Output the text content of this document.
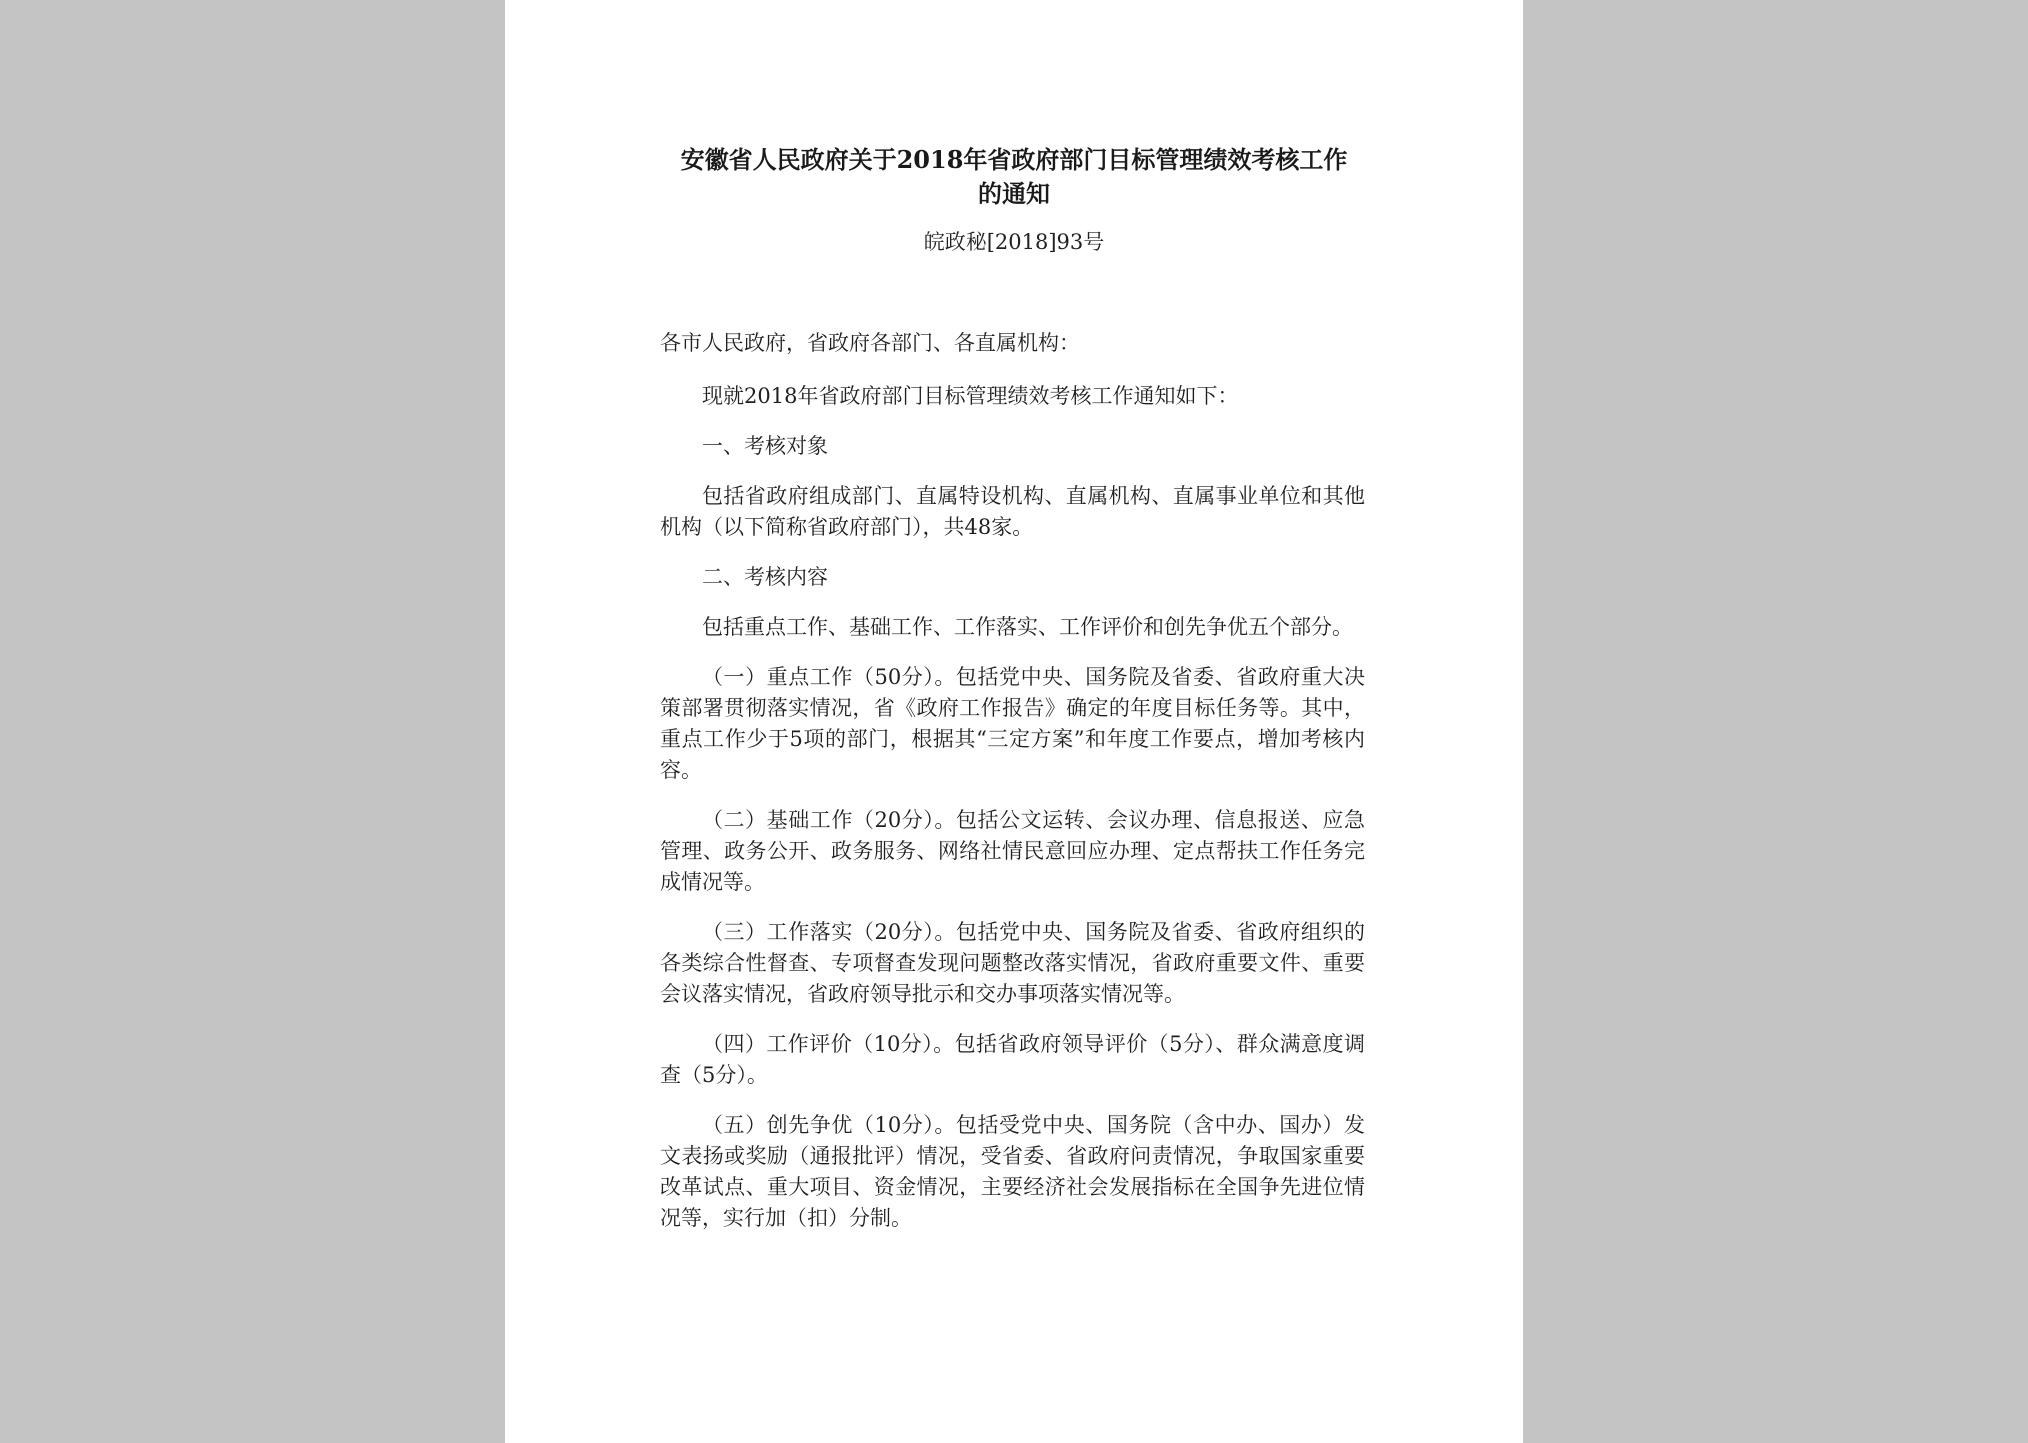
安徽省人民政府关于2018年省政府部门目标管理绩效考核工作
的通知
皖政秘[2018]93号

各市人民政府，省政府各部门、各直属机构：

现就2018年省政府部门目标管理绩效考核工作通知如下：

一、考核对象

包括省政府组成部门、直属特设机构、直属机构、直属事业单位和其他机构（以下简称省政府部门），共48家。

二、考核内容

包括重点工作、基础工作、工作落实、工作评价和创先争优五个部分。

（一）重点工作（50分）。包括党中央、国务院及省委、省政府重大决策部署贯彻落实情况，省《政府工作报告》确定的年度目标任务等。其中，重点工作少于5项的部门，根据其“三定方案”和年度工作要点，增加考核内容。

（二）基础工作（20分）。包括公文运转、会议办理、信息报送、应急管理、政务公开、政务服务、网络社情民意回应办理、定点帮扶工作任务完成情况等。

（三）工作落实（20分）。包括党中央、国务院及省委、省政府组织的各类综合性督查、专项督查发现问题整改落实情况，省政府重要文件、重要会议落实情况，省政府领导批示和交办事项落实情况等。

（四）工作评价（10分）。包括省政府领导评价（5分）、群众满意度调查（5分）。

（五）创先争优（10分）。包括受党中央、国务院（含中办、国办）发文表扬或奖励（通报批评）情况，受省委、省政府问责情况，争取国家重要改革试点、重大项目、资金情况，主要经济社会发展指标在全国争先进位情况等，实行加（扣）分制。
